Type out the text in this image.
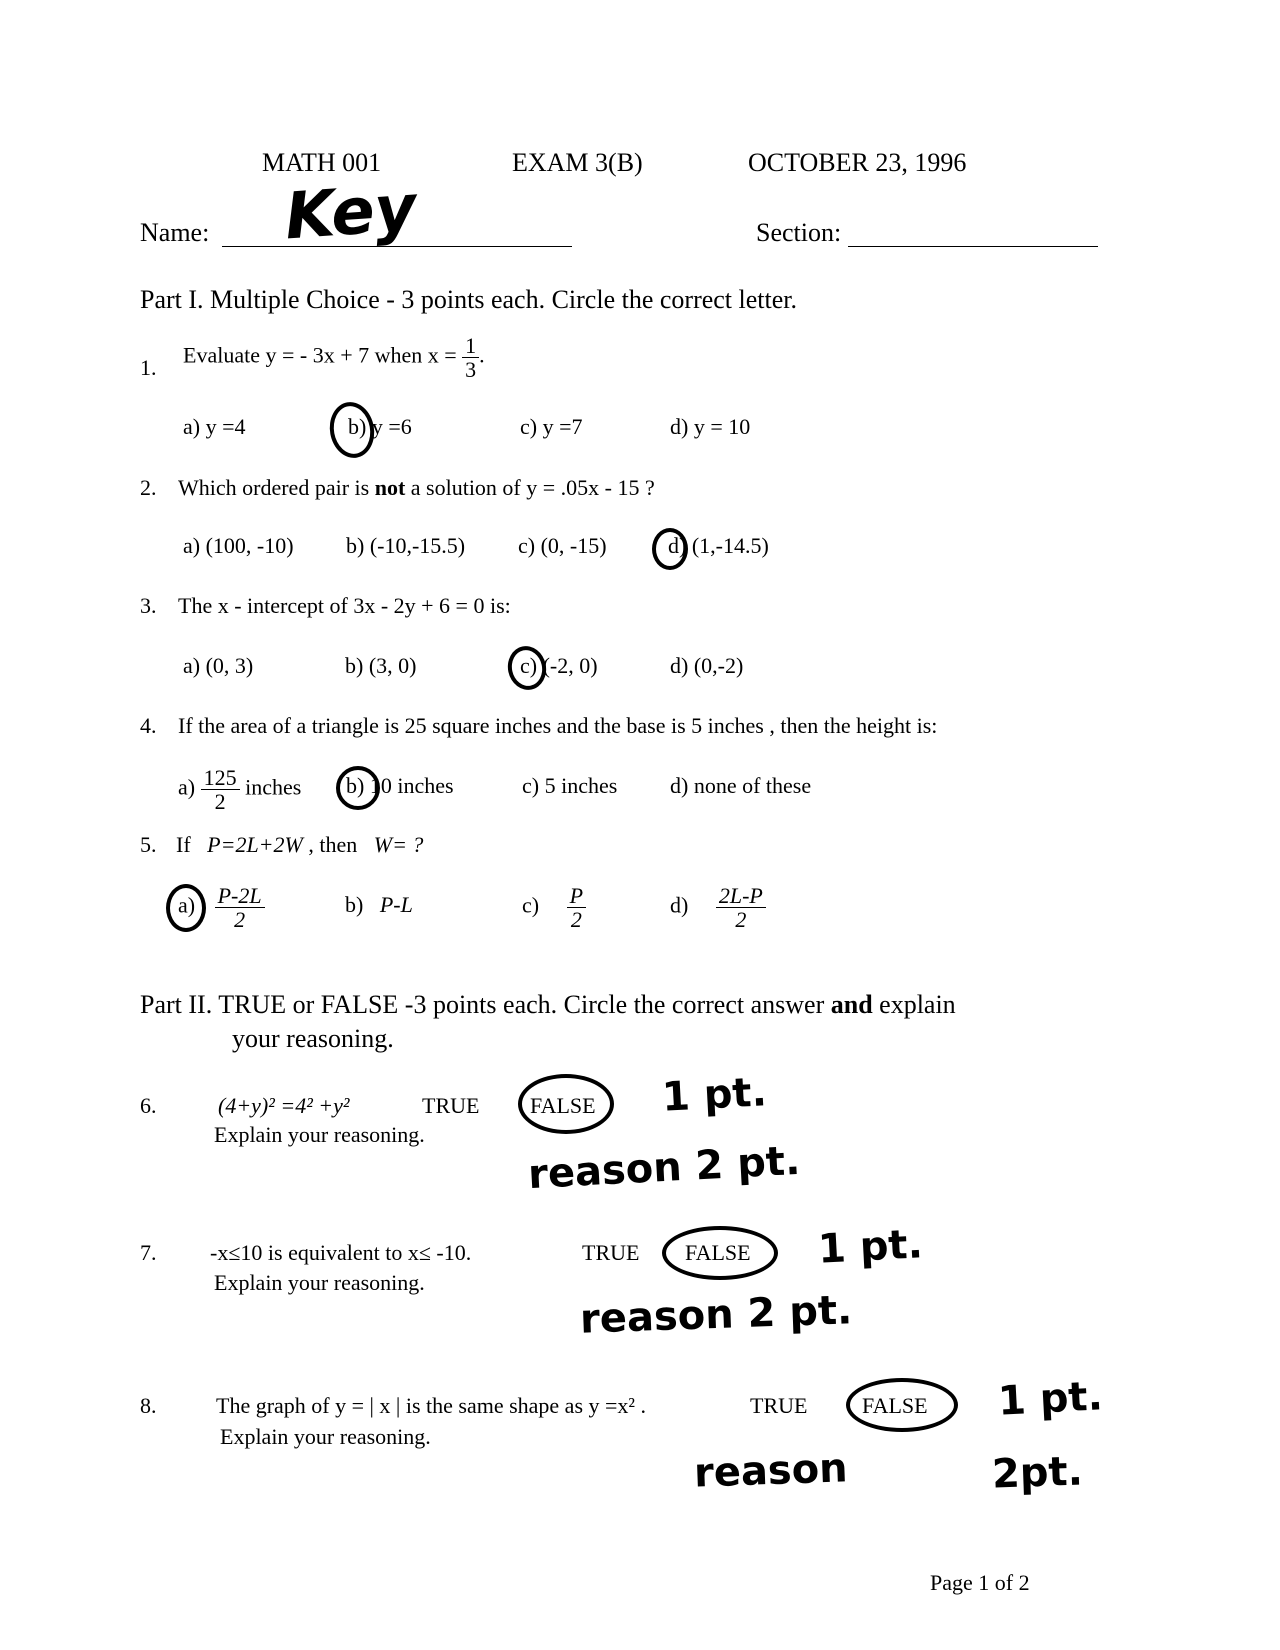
MATH 001	EXAM 3(B)	OCTOBER 23, 1996
Name: Key	Section:
Part I. Multiple Choice - 3 points each. Circle the correct letter.
1. Evaluate y = - 3x + 7 when $x = \frac{1}{3}$ .
a) y =4	b) y =6	c) y =7	d) y = 10
2. Which ordered pair is not a solution of y = .05x - 15 ?
a) (100, -10) b) (-10,-15.5) c) (0, -15)	d) (1,-14.5)
3. The x - intercept of 3x - 2y + 6 = 0 is:
a) (0, 3)	b) (3, 0)	c) (-2, 0)	d) (0,-2)
4. If the area of a triangle is 25 square inches and the base is 5 inches , then the height is:
$a) \frac{125}{2}$ inches b) 10 inches	c) 5 inches d) none of these
5. If P=2L+2W , then W= ?
$a) \frac{P-2L}{2}$	b) P-L	$c) \frac{P}{2}$	$d) \frac{2L-P}{2}$
Part II. TRUE or FALSE -3 points each. Circle the correct answer and explain
your reasoning.
6.	(4+y)² =4² +y²	TRUE FALSE
Explain your reasoning.
1 pt.
reason 2 pt.
7. -x≤10 is equivalent to x≤ -10.	TRUE FALSE
Explain your reasoning.
1 pt.
reason 2 pt.
8.	The graph of y = | x | is the same shape as y =x² .	TRUE FALSE
Explain your reasoning.
1 pt.
reason	2pt.
Page 1 of 2
